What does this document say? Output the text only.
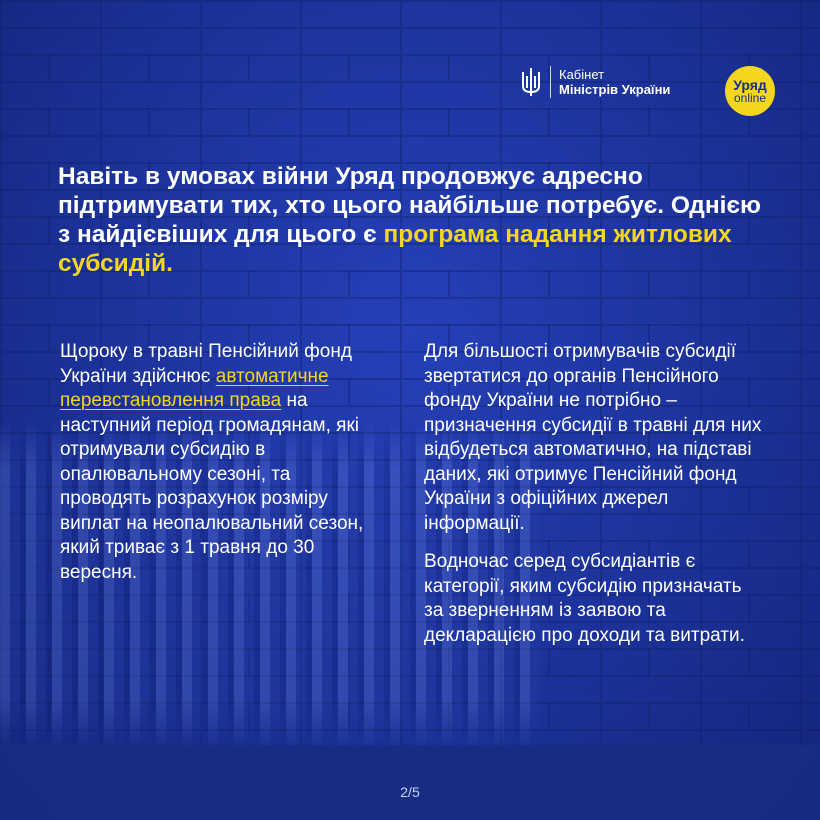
Кабінет
Міністрів України	Уряд
online
Навіть в умовах війни Уряд продовжує адресно підтримувати тих, хто цього найбільше потребує. Однією з найдієвіших для цього є програма надання житлових субсидій.

Щороку в травні Пенсійний фонд України здійснює автоматичне перевстановлення права на наступний період громадянам, які отримували субсидію в опалювальному сезоні, та проводять розрахунок розміру виплат на неопалювальний сезон, який триває з 1 травня до 30 вересня.

Для більшості отримувачів субсидії звертатися до органів Пенсійного фонду України не потрібно – призначення субсидії в травні для них відбудеться автоматично, на підставі даних, які отримує Пенсійний фонд України з офіційних джерел інформації.

Водночас серед субсидіантів є категорії, яким субсидію призначать за зверненням із заявою та декларацією про доходи та витрати.

2/5
